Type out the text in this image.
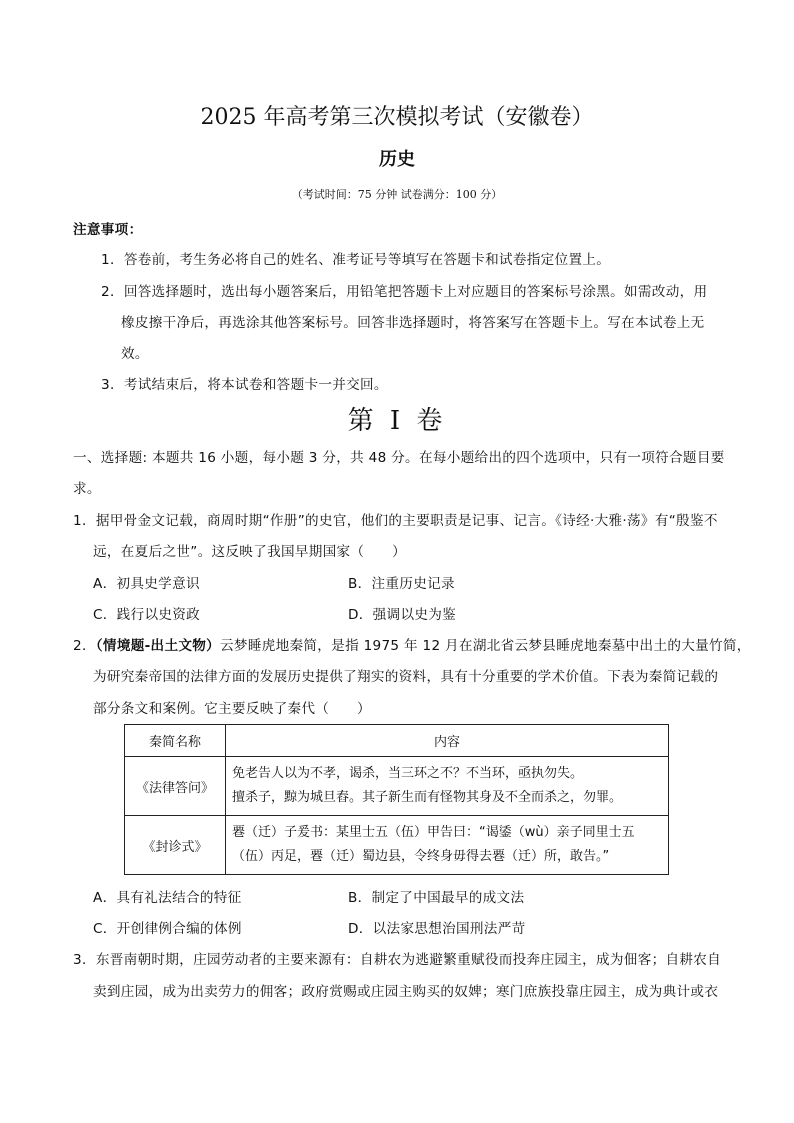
2025 年高考第三次模拟考试（安徽卷）
历史
（考试时间：75 分钟 试卷满分：100 分）
注意事项：
1．答卷前，考生务必将自己的姓名、准考证号等填写在答题卡和试卷指定位置上。
2．回答选择题时，选出每小题答案后，用铅笔把答题卡上对应题目的答案标号涂黑。如需改动，用
橡皮擦干净后，再选涂其他答案标号。回答非选择题时，将答案写在答题卡上。写在本试卷上无
效。
3．考试结束后，将本试卷和答题卡一并交回。
第 I 卷
一、选择题: 本题共 16 小题，每小题 3 分，共 48 分。在每小题给出的四个选项中，只有一项符合题目要
求。
1．据甲骨金文记载，商周时期“作册”的史官，他们的主要职责是记事、记言。《诗经·大雅·荡》有“殷鉴不
远，在夏后之世”。这反映了我国早期国家（　　）
A．初具史学意识	B．注重历史记录
C．践行以史资政	D．强调以史为鉴
2．（情境题-出土文物）云梦睡虎地秦简，是指 1975 年 12 月在湖北省云梦县睡虎地秦墓中出土的大量竹简，
为研究秦帝国的法律方面的发展历史提供了翔实的资料，具有十分重要的学术价值。下表为秦简记载的
部分条文和案例。它主要反映了秦代（　　）
秦简名称	内容
《法律答问》	免老告人以为不孝，谒杀，当三环之不？不当环，亟执勿失。
擅杀子，黥为城旦舂。其子新生而有怪物其身及不全而杀之，勿罪。

《封诊式》	䙴（迁）子爰书：某里士五（伍）甲告曰：“谒鋈（wù）亲子同里士五
（伍）丙足，䙴（迁）蜀边县，令终身毋得去䙴（迁）所，敢告。”
A．具有礼法结合的特征	B．制定了中国最早的成文法
C．开创律例合编的体例	D．以法家思想治国刑法严苛
3．东晋南朝时期，庄园劳动者的主要来源有：自耕农为逃避繁重赋役而投奔庄园主，成为佃客；自耕农自
卖到庄园，成为出卖劳力的佣客；政府赏赐或庄园主购买的奴婢；寒门庶族投靠庄园主，成为典计或衣
